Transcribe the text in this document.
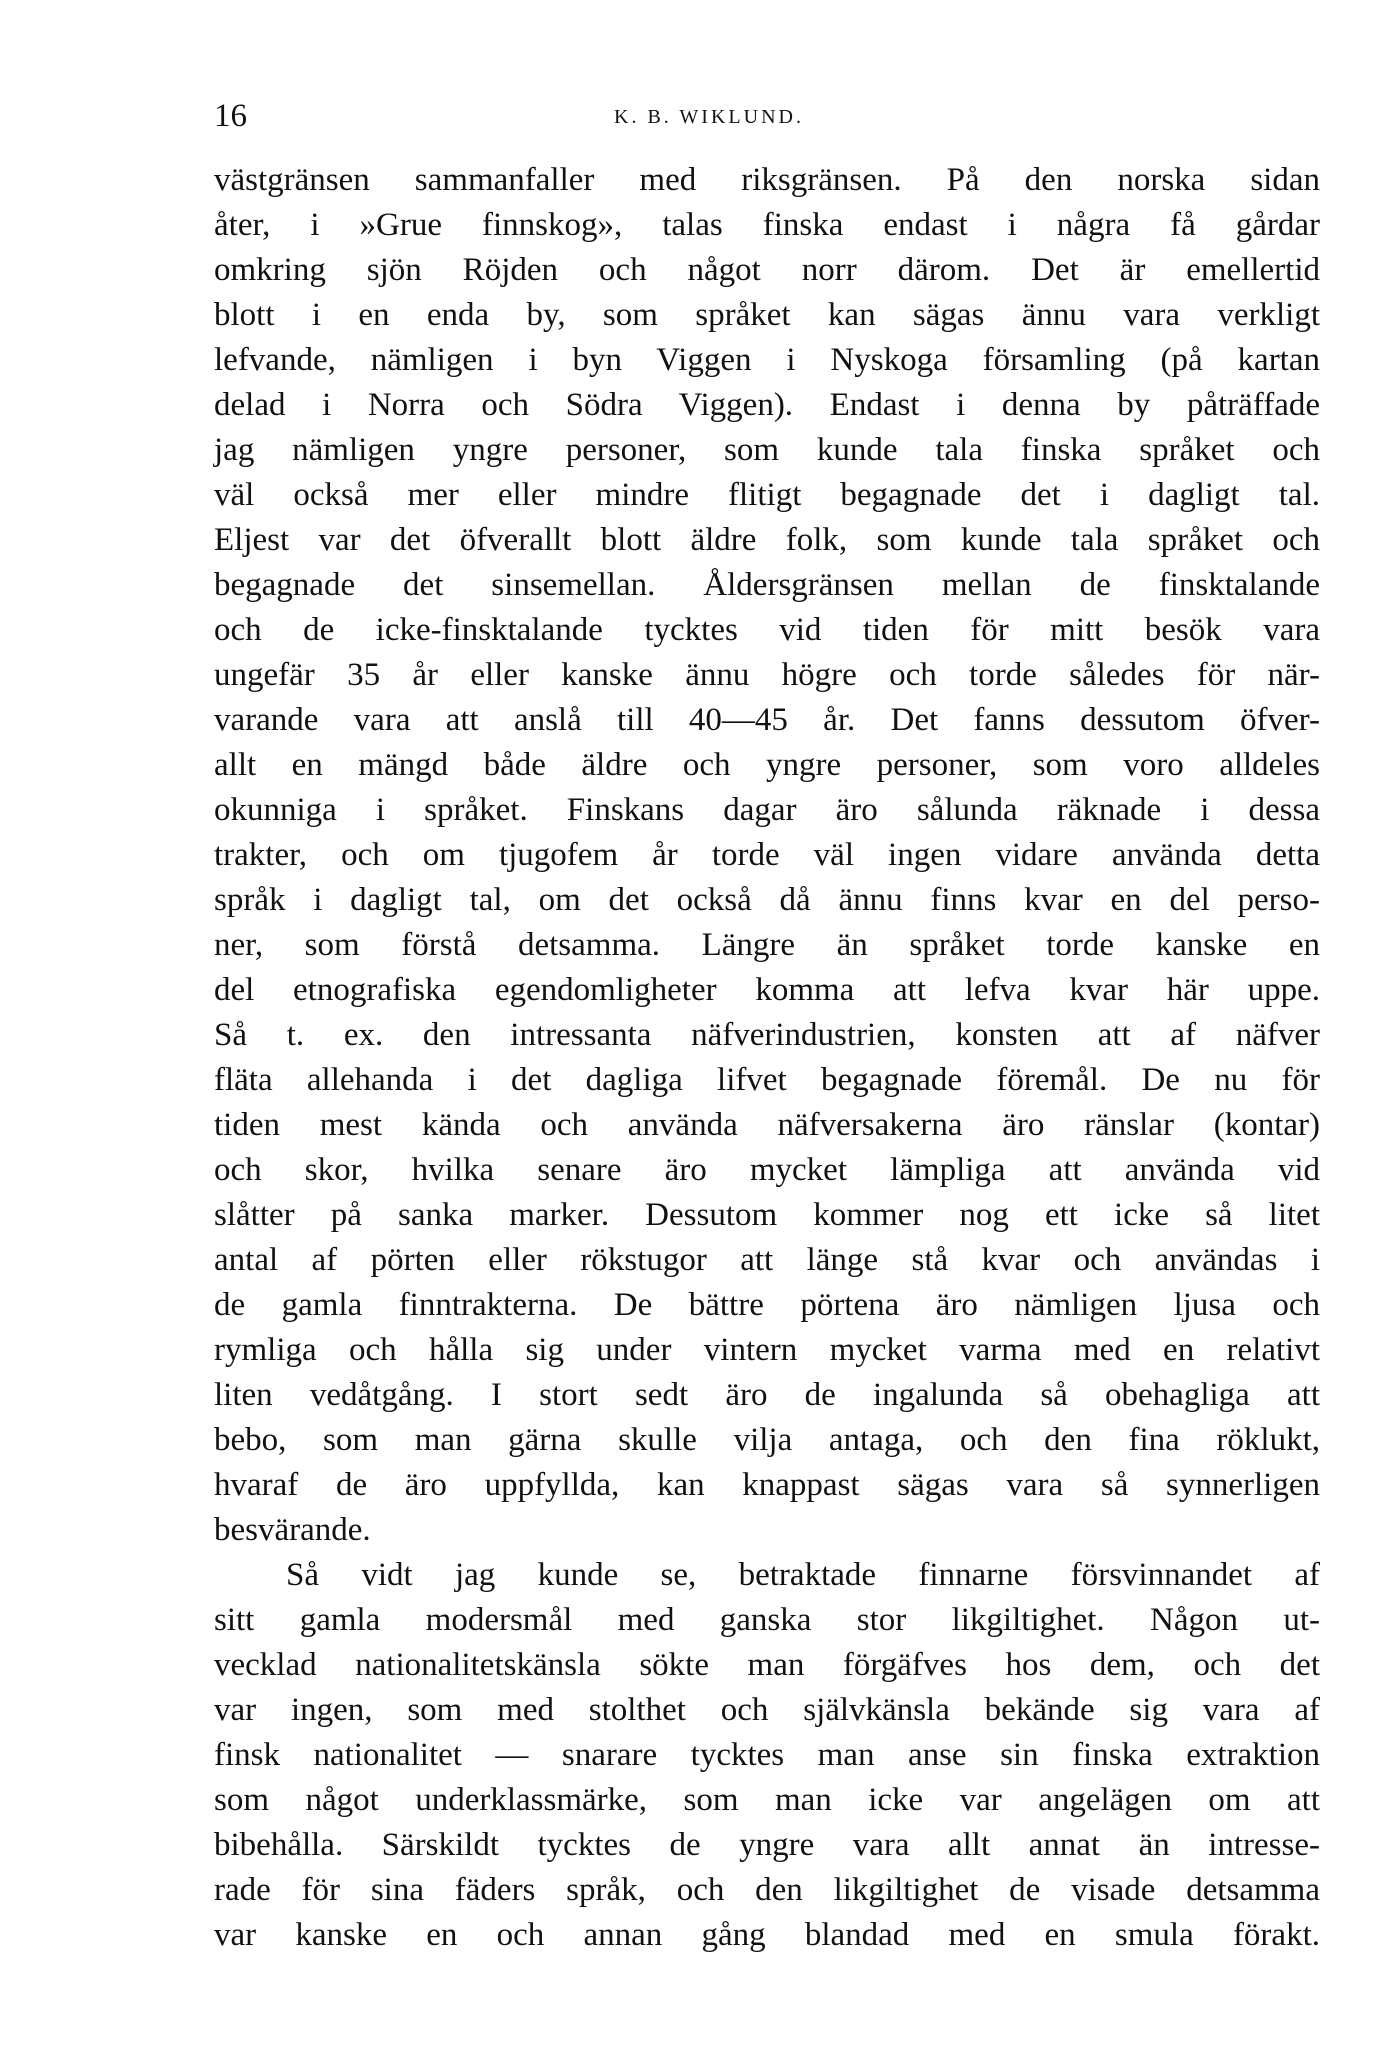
16	K. B. WIKLUND.

västgränsen sammanfaller med riksgränsen. På den norska sidan
åter, i »Grue finnskog», talas finska endast i några få gårdar
omkring sjön Röjden och något norr därom. Det är emellertid
blott i en enda by, som språket kan sägas ännu vara verkligt
lefvande, nämligen i byn Viggen i Nyskoga församling (på kartan
delad i Norra och Södra Viggen). Endast i denna by påträffade
jag nämligen yngre personer, som kunde tala finska språket och
väl också mer eller mindre flitigt begagnade det i dagligt tal.
Eljest var det öfverallt blott äldre folk, som kunde tala språket och
begagnade det sinsemellan. Åldersgränsen mellan de finsktalande
och de icke-finsktalande tycktes vid tiden för mitt besök vara
ungefär 35 år eller kanske ännu högre och torde således för när-
varande vara att anslå till 40—45 år. Det fanns dessutom öfver-
allt en mängd både äldre och yngre personer, som voro alldeles
okunniga i språket. Finskans dagar äro sålunda räknade i dessa
trakter, och om tjugofem år torde väl ingen vidare använda detta
språk i dagligt tal, om det också då ännu finns kvar en del perso-
ner, som förstå detsamma. Längre än språket torde kanske en
del etnografiska egendomligheter komma att lefva kvar här uppe.
Så t. ex. den intressanta näfverindustrien, konsten att af näfver
fläta allehanda i det dagliga lifvet begagnade föremål. De nu för
tiden mest kända och använda näfversakerna äro ränslar (kontar)
och skor, hvilka senare äro mycket lämpliga att använda vid
slåtter på sanka marker. Dessutom kommer nog ett icke så litet
antal af pörten eller rökstugor att länge stå kvar och användas i
de gamla finntrakterna. De bättre pörtena äro nämligen ljusa och
rymliga och hålla sig under vintern mycket varma med en relativt
liten vedåtgång. I stort sedt äro de ingalunda så obehagliga att
bebo, som man gärna skulle vilja antaga, och den fina röklukt,
hvaraf de äro uppfyllda, kan knappast sägas vara så synnerligen
besvärande.

Så vidt jag kunde se, betraktade finnarne försvinnandet af
sitt gamla modersmål med ganska stor likgiltighet. Någon ut-
vecklad nationalitetskänsla sökte man förgäfves hos dem, och det
var ingen, som med stolthet och självkänsla bekände sig vara af
finsk nationalitet — snarare tycktes man anse sin finska extraktion
som något underklassmärke, som man icke var angelägen om att
bibehålla. Särskildt tycktes de yngre vara allt annat än intresse-
rade för sina fäders språk, och den likgiltighet de visade detsamma
var kanske en och annan gång blandad med en smula förakt.
